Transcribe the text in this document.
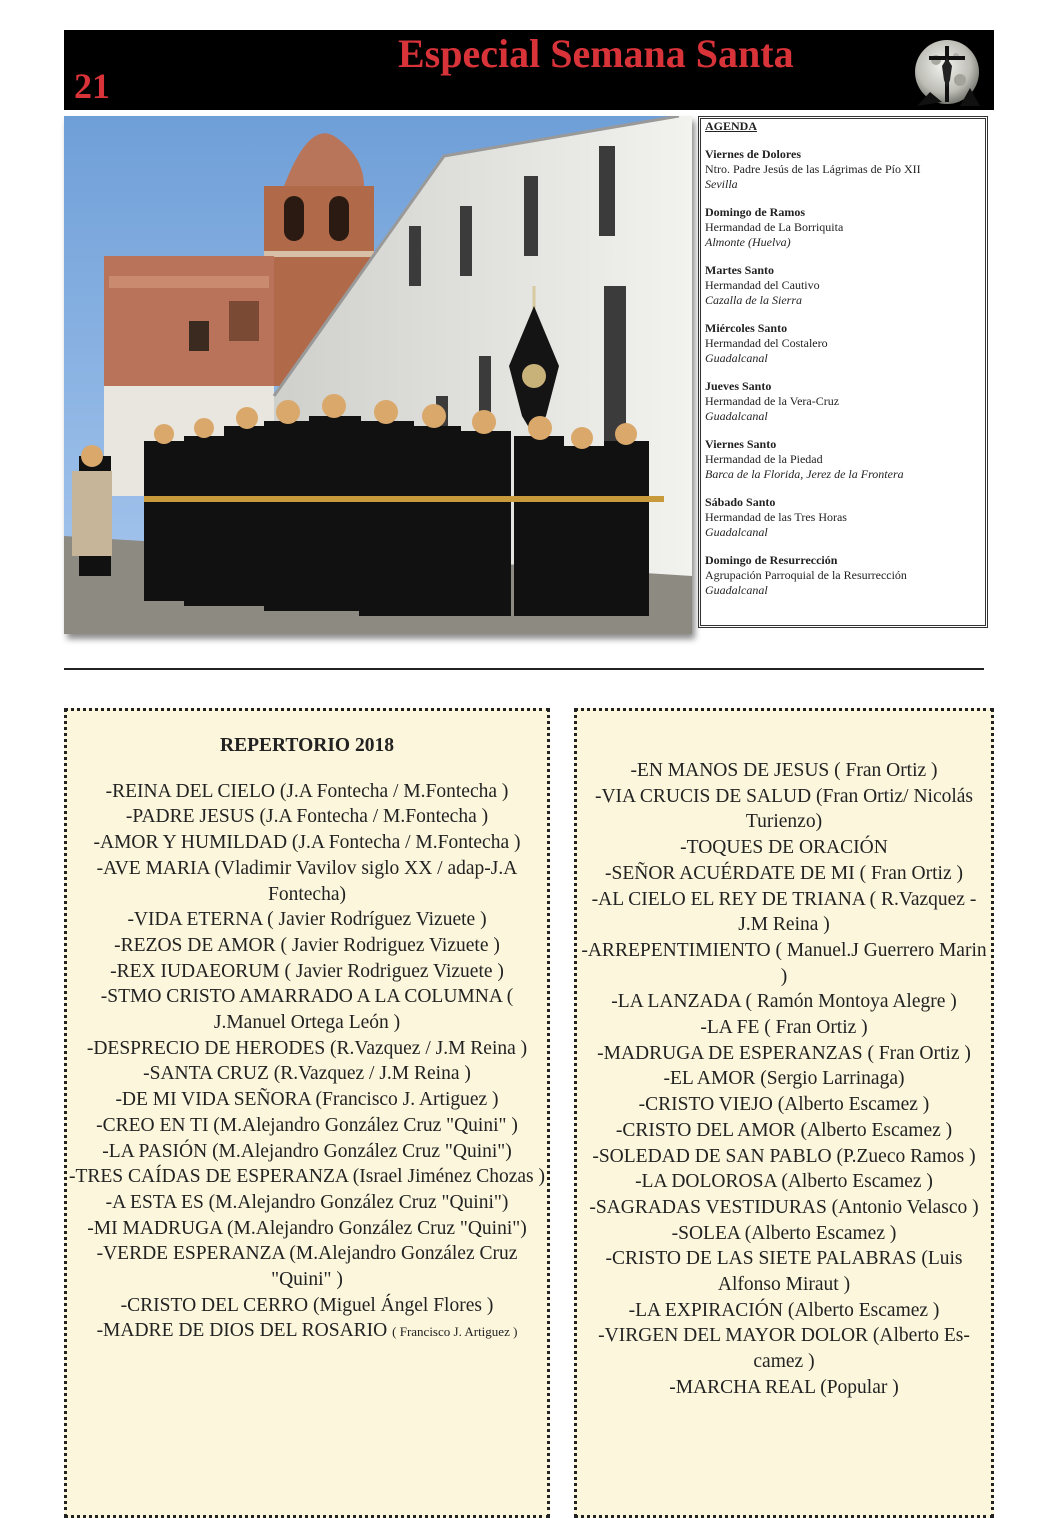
21
Especial Semana Santa
AGENDA
Viernes de Dolores
Ntro. Padre Jesús de las Lágrimas de Pío XII
Sevilla
Domingo de Ramos
Hermandad de La Borriquita
Almonte (Huelva)
Martes Santo
Hermandad del Cautivo
Cazalla de la Sierra
Miércoles Santo
Hermandad del Costalero
Guadalcanal
Jueves Santo
Hermandad de la Vera-Cruz
Guadalcanal
Viernes Santo
Hermandad de la Piedad
Barca de la Florida, Jerez de la Frontera
Sábado Santo
Hermandad de las Tres Horas
Guadalcanal
Domingo de Resurrección
Agrupación Parroquial de la Resurrección
Guadalcanal
REPERTORIO 2018
-REINA DEL CIELO (J.A Fontecha / M.Fontecha )
-PADRE JESUS (J.A Fontecha / M.Fontecha )
-AMOR Y HUMILDAD (J.A Fontecha / M.Fontecha )
-AVE MARIA (Vladimir Vavilov siglo XX / adap-J.A Fontecha)
-VIDA ETERNA ( Javier Rodríguez Vizuete )
-REZOS DE AMOR ( Javier Rodriguez Vizuete )
-REX IUDAEORUM ( Javier Rodriguez Vizuete )
-STMO CRISTO AMARRADO A LA COLUMNA ( J.Manuel Ortega León )
-DESPRECIO DE HERODES (R.Vazquez / J.M Reina )
-SANTA CRUZ (R.Vazquez / J.M Reina )
-DE MI VIDA SEÑORA (Francisco J. Artiguez )
-CREO EN TI (M.Alejandro González Cruz "Quini" )
-LA PASIÓN (M.Alejandro González Cruz "Quini")
-TRES CAÍDAS DE ESPERANZA (Israel Jiménez Chozas )
-A ESTA ES (M.Alejandro González Cruz "Quini")
-MI MADRUGA (M.Alejandro González Cruz "Quini")
-VERDE ESPERANZA (M.Alejandro González Cruz "Quini" )
-CRISTO DEL CERRO (Miguel Ángel Flores )
-MADRE DE DIOS DEL ROSARIO ( Francisco J. Artiguez )
-EN MANOS DE JESUS ( Fran Ortiz )
-VIA CRUCIS DE SALUD (Fran Ortiz/ Nicolás Turienzo)
-TOQUES DE ORACIÓN
-SEÑOR ACUÉRDATE DE MI ( Fran Ortiz )
-AL CIELO EL REY DE TRIANA ( R.Vazquez - J.M Reina )
-ARREPENTIMIENTO ( Manuel.J Guerrero Marin )
-LA LANZADA ( Ramón Montoya Alegre )
-LA FE ( Fran Ortiz )
-MADRUGA DE ESPERANZAS ( Fran Ortiz )
-EL AMOR (Sergio Larrinaga)
-CRISTO VIEJO (Alberto Escamez )
-CRISTO DEL AMOR (Alberto Escamez )
-SOLEDAD DE SAN PABLO (P.Zueco Ramos )
-LA DOLOROSA (Alberto Escamez )
-SAGRADAS VESTIDURAS (Antonio Velasco )
-SOLEA (Alberto Escamez )
-CRISTO DE LAS SIETE PALABRAS (Luis Alfonso Miraut )
-LA EXPIRACIÓN (Alberto Escamez )
-VIRGEN DEL MAYOR DOLOR (Alberto Es-camez )
-MARCHA REAL (Popular )
